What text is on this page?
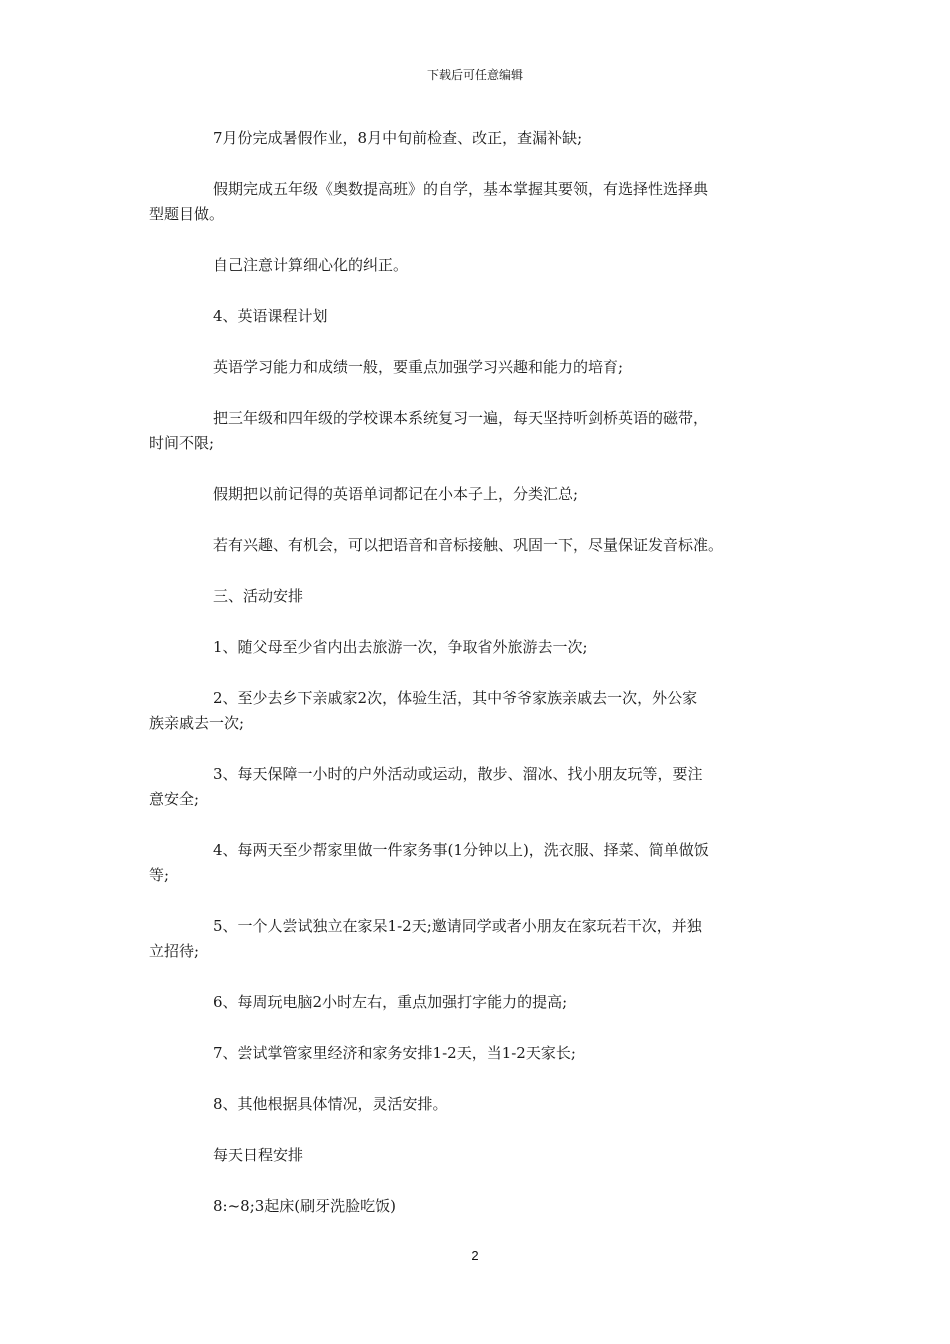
下载后可任意编辑
7月份完成暑假作业，8月中旬前检查、改正，查漏补缺;
假期完成五年级《奥数提高班》的自学，基本掌握其要领，有选择性选择典
型题目做。
自己注意计算细心化的纠正。
4、英语课程计划
英语学习能力和成绩一般，要重点加强学习兴趣和能力的培育;
把三年级和四年级的学校课本系统复习一遍，每天坚持听剑桥英语的磁带，
时间不限;
假期把以前记得的英语单词都记在小本子上，分类汇总;
若有兴趣、有机会，可以把语音和音标接触、巩固一下，尽量保证发音标准。
三、活动安排
1、随父母至少省内出去旅游一次，争取省外旅游去一次;
2、至少去乡下亲戚家2次，体验生活，其中爷爷家族亲戚去一次，外公家
族亲戚去一次;
3、每天保障一小时的户外活动或运动，散步、溜冰、找小朋友玩等，要注
意安全;
4、每两天至少帮家里做一件家务事(1分钟以上)，洗衣服、择菜、简单做饭
等;
5、一个人尝试独立在家呆1-2天;邀请同学或者小朋友在家玩若干次，并独
立招待;
6、每周玩电脑2小时左右，重点加强打字能力的提高;
7、尝试掌管家里经济和家务安排1-2天，当1-2天家长;
8、其他根据具体情况，灵活安排。
每天日程安排
8:~8;3起床(刷牙洗脸吃饭)
2
